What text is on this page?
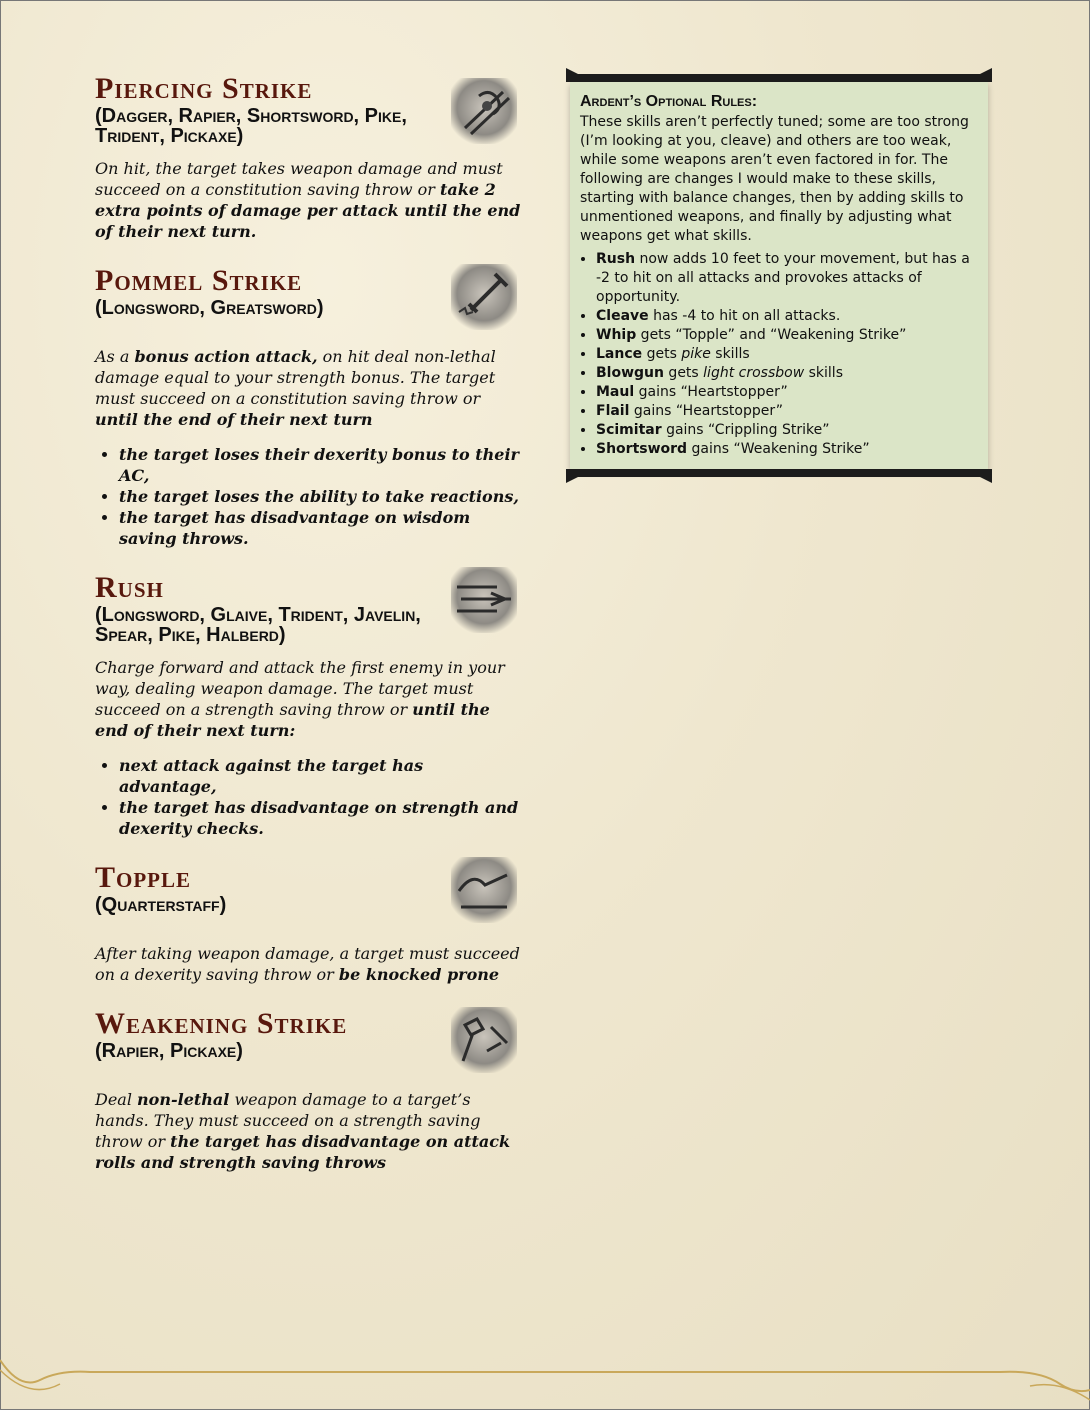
Piercing Strike

(Dagger, Rapier, Shortsword, Pike, Trident, Pickaxe)

On hit, the target takes weapon damage and must succeed on a constitution saving throw or take 2 extra points of damage per attack until the end of their next turn.

Pommel Strike

(Longsword, Greatsword)

As a bonus action attack, on hit deal non-lethal damage equal to your strength bonus. The target must succeed on a constitution saving throw or until the end of their next turn

• the target loses their dexerity bonus to their AC,
• the target loses the ability to take reactions,
• the target has disadvantage on wisdom saving throws.
Rush

(Longsword, Glaive, Trident, Javelin, Spear, Pike, Halberd)

Charge forward and attack the first enemy in your way, dealing weapon damage. The target must succeed on a strength saving throw or until the end of their next turn:

• next attack against the target has advantage,
• the target has disadvantage on strength and dexerity checks.
Topple

(Quarterstaff)

After taking weapon damage, a target must succeed on a dexerity saving throw or be knocked prone

Weakening Strike

(Rapier, Pickaxe)

Deal non-lethal weapon damage to a target’s hands. They must succeed on a strength saving throw or the target has disadvantage on attack rolls and strength saving throws

Ardent’s Optional Rules:

These skills aren’t perfectly tuned; some are too strong (I’m looking at you, cleave) and others are too weak, while some weapons aren’t even factored in for. The following are changes I would make to these skills, starting with balance changes, then by adding skills to unmentioned weapons, and finally by adjusting what weapons get what skills.

• Rush now adds 10 feet to your movement, but has a -2 to hit on all attacks and provokes attacks of opportunity.
• Cleave has -4 to hit on all attacks.
• Whip gets “Topple” and “Weakening Strike”
• Lance gets pike skills
• Blowgun gets light crossbow skills
• Maul gains “Heartstopper”
• Flail gains “Heartstopper”
• Scimitar gains “Crippling Strike”
• Shortsword gains “Weakening Strike”
